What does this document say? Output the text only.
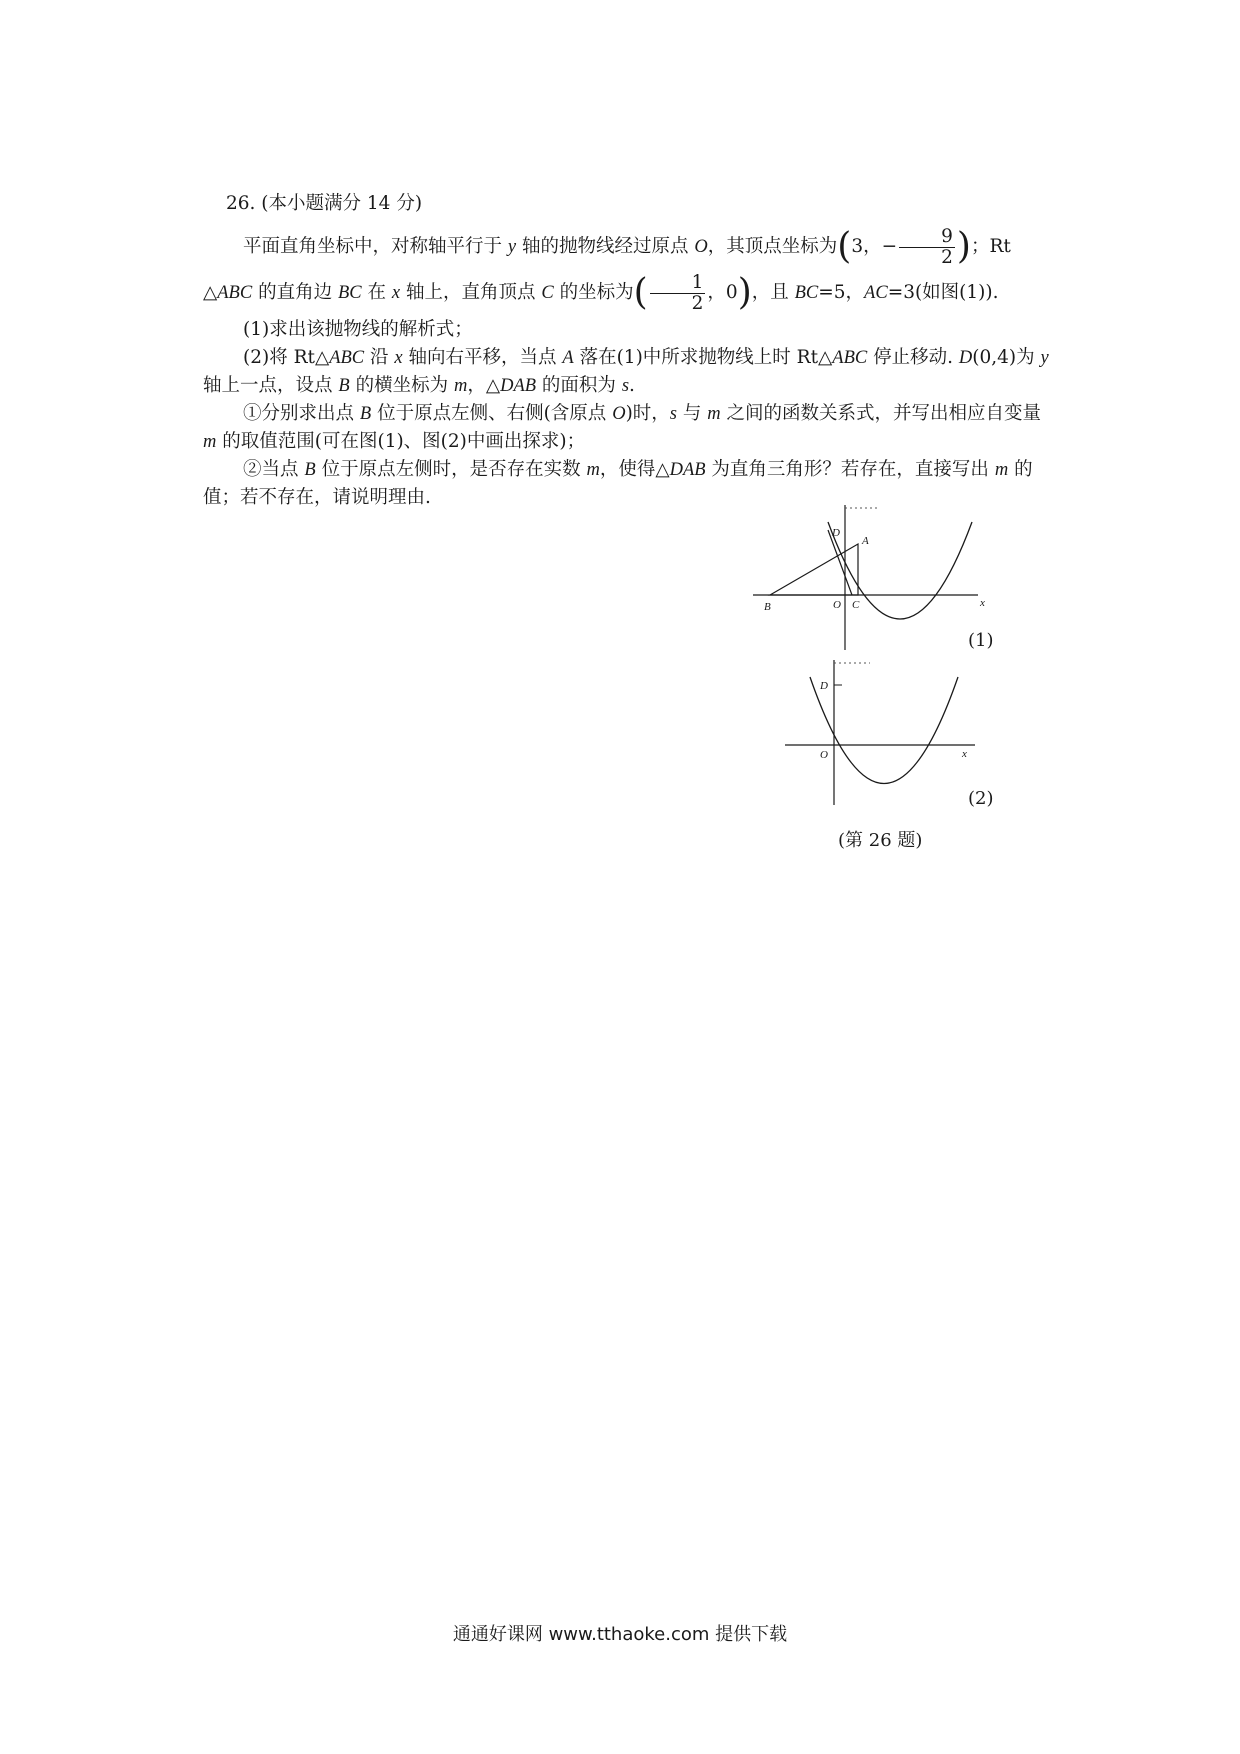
26. (本小题满分 14 分)

平面直角坐标中，对称轴平行于 y 轴的抛物线经过原点 O，其顶点坐标为(3，− $\frac{9}{2}$ )；Rt
△ABC 的直角边 BC 在 x 轴上，直角顶点 C 的坐标为( $\frac{1}{2}$ ，0)，且 BC=5，AC=3(如图(1)).

(1)求出该抛物线的解析式；

(2)将 Rt△ABC 沿 x 轴向右平移，当点 A 落在(1)中所求抛物线上时 Rt△ABC 停止移动. D(0,4)为 y 轴上一点，设点 B 的横坐标为 m，△DAB 的面积为 s.

①分别求出点 B 位于原点左侧、右侧(含原点 O)时，s 与 m 之间的函数关系式，并写出相应自变量 m 的取值范围(可在图(1)、图(2)中画出探求)；

②当点 B 位于原点左侧时，是否存在实数 m，使得△DAB 为直角三角形？若存在，直接写出 m 的值；若不存在，请说明理由.

D
A
B	O C	x
(1)
D
O	x
(2)
(第 26 题)
通通好课网 www.tthaoke.com 提供下载
